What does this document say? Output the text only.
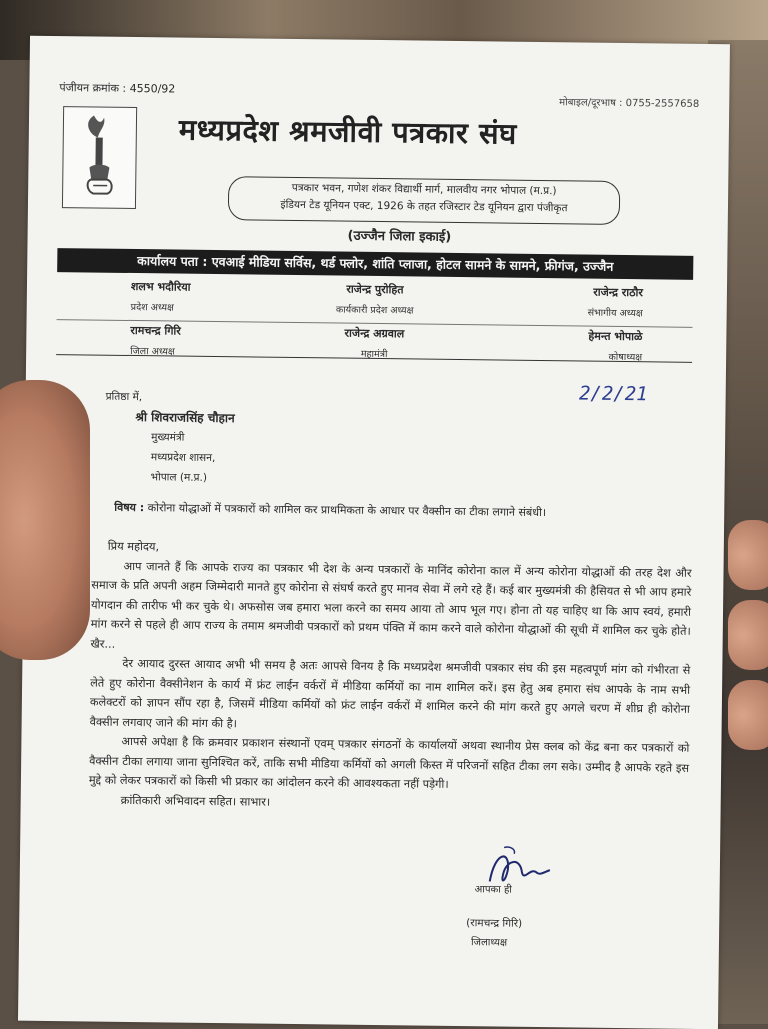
पंजीयन क्रमांक : 4550/92
मोबाइल/दूरभाष : 0755-2557658
मध्यप्रदेश श्रमजीवी पत्रकार संघ
पत्रकार भवन, गणेश शंकर विद्यार्थी मार्ग, मालवीय नगर भोपाल (म.प्र.)
इंडियन टेड यूनियन एक्ट, 1926 के तहत रजिस्टार टेड यूनियन द्वारा पंजीकृत
(उज्जैन जिला इकाई)
कार्यालय पता : एवआई मीडिया सर्विस, थर्ड फ्लोर, शांति प्लाजा, होटल सामने के सामने, फ्रीगंज, उज्जैन
शलभ भदौरिया
प्रदेश अध्यक्ष
राजेन्द्र पुरोहित
कार्यकारी प्रदेश अध्यक्ष
राजेन्द्र राठौर
संभागीय अध्यक्ष
रामचन्द्र गिरि
जिला अध्यक्ष
राजेन्द्र अग्रवाल
महामंत्री
हेमन्त भोपाळे
कोषाध्यक्ष
2/2/21
प्रतिष्ठा में,
श्री शिवराजसिंह चौहान
मुख्यमंत्री
मध्यप्रदेश शासन,
भोपाल (म.प्र.)
विषय : कोरोना योद्धाओं में पत्रकारों को शामिल कर प्राथमिकता के आधार पर वैक्सीन का टीका लगाने संबंधी।

प्रिय महोदय,

आप जानते हैं कि आपके राज्य का पत्रकार भी देश के अन्य पत्रकारों के मानिंद कोरोना काल में अन्य कोरोना योद्धाओं की तरह देश और समाज के प्रति अपनी अहम जिम्मेदारी मानते हुए कोरोना से संघर्ष करते हुए मानव सेवा में लगे रहे हैं। कई बार मुख्यमंत्री की हैसियत से भी आप हमारे योगदान की तारीफ भी कर चुके थे। अफसोस जब हमारा भला करने का समय आया तो आप भूल गए। होना तो यह चाहिए था कि आप स्वयं, हमारी मांग करने से पहले ही आप राज्य के तमाम श्रमजीवी पत्रकारों को प्रथम पंक्ति में काम करने वाले कोरोना योद्धाओं की सूची में शामिल कर चुके होते। खैर...

देर आयाद दुरस्त आयाद अभी भी समय है अतः आपसे विनय है कि मध्यप्रदेश श्रमजीवी पत्रकार संघ की इस महत्वपूर्ण मांग को गंभीरता से लेते हुए कोरोना वैक्सीनेशन के कार्य में फ्रंट लाईन वर्करों में मीडिया कर्मियों का नाम शामिल करें। इस हेतु अब हमारा संघ आपके के नाम सभी कलेक्टरों को ज्ञापन सौंप रहा है, जिसमें मीडिया कर्मियों को फ्रंट लाईन वर्करों में शामिल करने की मांग करते हुए अगले चरण में शीघ्र ही कोरोना वैक्सीन लगवाए जाने की मांग की है।

आपसे अपेक्षा है कि क्रमवार प्रकाशन संस्थानों एवम् पत्रकार संगठनों के कार्यालयों अथवा स्थानीय प्रेस क्लब को केंद्र बना कर पत्रकारों को वैक्सीन टीका लगाया जाना सुनिश्चित करें, ताकि सभी मीडिया कर्मियों को अगली किस्त में परिजनों सहित टीका लग सके। उम्मीद है आपके रहते इस मुद्दे को लेकर पत्रकारों को किसी भी प्रकार का आंदोलन करने की आवश्यकता नहीं पड़ेगी।

क्रांतिकारी अभिवादन सहित। साभार।

आपका ही
(रामचन्द्र गिरि)
जिलाध्यक्ष
